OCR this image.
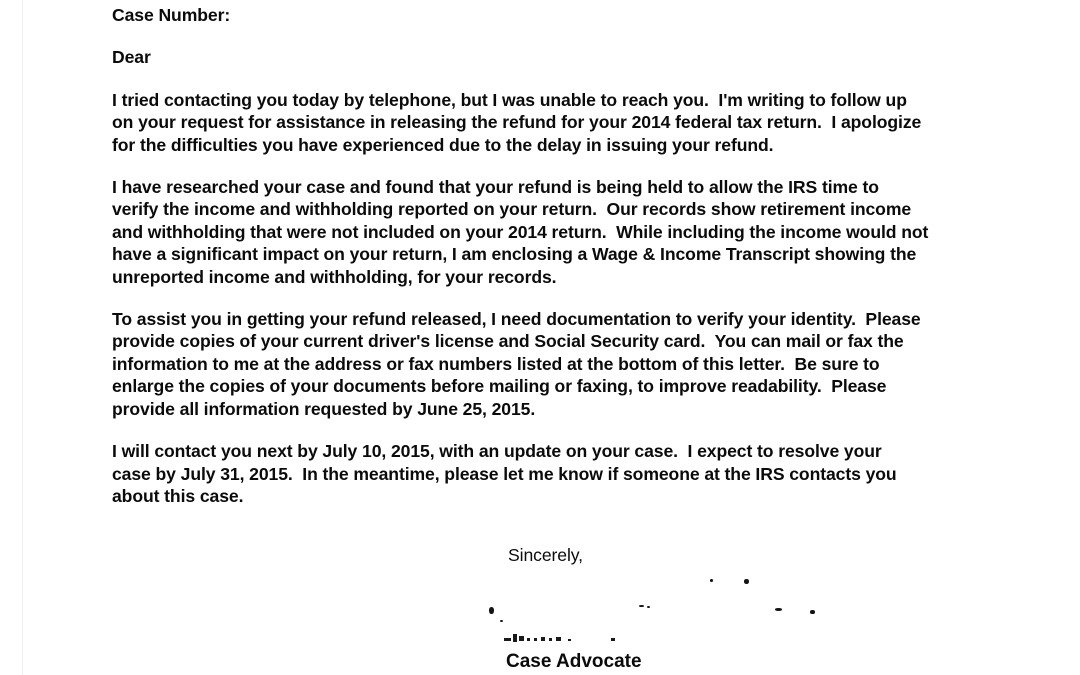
Case Number:
Dear
I tried contacting you today by telephone, but I was unable to reach you.  I'm writing to follow up
on your request for assistance in releasing the refund for your 2014 federal tax return.  I apologize
for the difficulties you have experienced due to the delay in issuing your refund.
I have researched your case and found that your refund is being held to allow the IRS time to
verify the income and withholding reported on your return.  Our records show retirement income
and withholding that were not included on your 2014 return.  While including the income would not
have a significant impact on your return, I am enclosing a Wage & Income Transcript showing the
unreported income and withholding, for your records.
To assist you in getting your refund released, I need documentation to verify your identity.  Please
provide copies of your current driver's license and Social Security card.  You can mail or fax the
information to me at the address or fax numbers listed at the bottom of this letter.  Be sure to
enlarge the copies of your documents before mailing or faxing, to improve readability.  Please
provide all information requested by June 25, 2015.
I will contact you next by July 10, 2015, with an update on your case.  I expect to resolve your
case by July 31, 2015.  In the meantime, please let me know if someone at the IRS contacts you
about this case.
Sincerely,
Case Advocate
